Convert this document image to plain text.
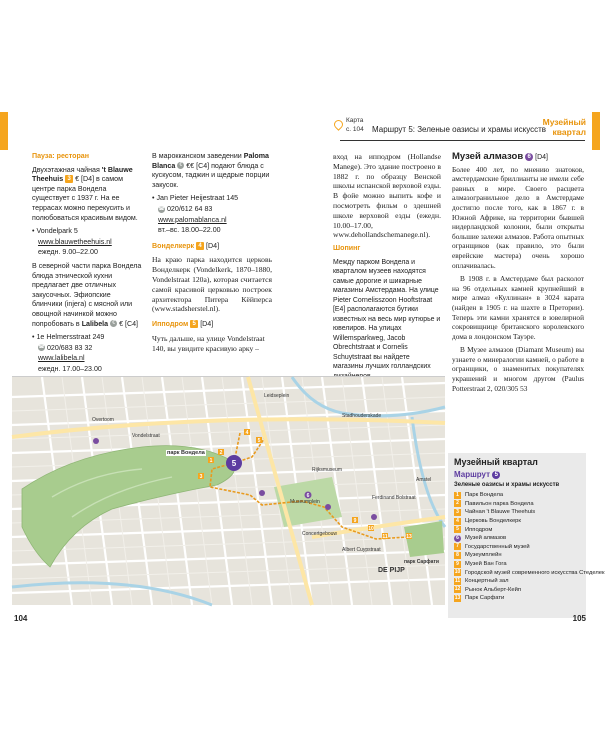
Карта
с. 104 Маршрут 5: Зеленые оазисы и храмы искусств
Музейный
квартал

Пауза: ресторан

Двухэтажная чайная 't Blauwe Theehuis 3 € [D4] в самом центре парка Вондела существует с 1937 г. На ее террасах можно перекусить и полюбоваться красивым видом.

• Vondelpark 5

www.blauwetheehuis.nl

ежедн. 9.00–22.00

В северной части парка Вондела блюда этнической кухни предлагает две отличных закусочных. Эфиопские блинчики (injera) с мясной или овощной начинкой можно попробовать в Lalibela € € [C4]

• 1e Helmersstraat 249

☎ 020/683 83 32

www.lalibela.nl

ежедн. 17.00–23.00

В марокканском заведении Paloma Blanca € €€ [C4] подают блюда с кускусом, таджин и щедрые порции закусок.

• Jan Pieter Heijestraat 145

☎ 020/612 64 83

www.palomablanca.nl

вт.–вс. 18.00–22.00

Вонделкерк 4 [D4]

На краю парка находится церковь Вонделкерк (Vondelkerk, 1870–1880, Vondelstraat 120a), которая считается самой красивой церковью построек архитектора Питера Кёйперса (www.stadsherstel.nl).

Ипподром 5 [D4]

Чуть дальше, на улице Vondelstraat 140, вы увидите красивую арку –

вход на ипподром (Hollandse Manege). Это здание построено в 1882 г. по образцу Венской школы испанской верховой езды. В фойе можно выпить кофе и посмотреть фильм о здешней школе верховой езды (ежедн. 10.00–17.00, www.dehollandschemanege.nl).

Шопинг

Между парком Вондела и кварталом музеев находятся самые дорогие и шикарные магазины Амстердама. На улице Pieter Cornelisszoon Hooftstraat [E4] располагаются бутики известных на весь мир кутюрье и ювелиров. На улицах Willemsparkweg, Jacob Obrechtstraat и Cornelis Schuytstraat вы найдете магазины лучших голландских

Музей алмазов 6 [D4]

Более 400 лет, по мнению знатоков, амстердамские бриллианты не имели себе равных в мире. Своего расцвета алмазогранильное дело в Амстердаме достигло после того, как в 1867 г. в Южной Африке, на территории бывшей нидерландской колонии, были открыты большие залежи алмазов. Работа опытных огранщиков (как правило, это были еврейские мастера) очень хорошо оплачивалась.

В 1908 г. в Амстердаме был расколот на 96 отдельных камней крупнейший в мире алмаз «Куллинан» в 3024 карата (найден в 1905 г. на шахте в Претории). Теперь эти камни хранятся в ювелирной сокровищнице британского королевского дома в лондонском Тауэре.

В Музее алмазов (Diamant Museum) вы узнаете о минералогии камней, о работе в огранщики, о знаменитых покупателях украшений и многом другом (Paulus Potterstraat 2, 020/305 53

5
1
2
3
4
5
6
9
10
11	13
парк Вондела
DE PIJP
парк Сарфати
Overtoom
Stadhouderskade
Museumplein
Rijksmuseum
Albert Cuypstraat
Ferdinand Bolstraat
Concertgebouw
Leidseplein
Vondelstraat
Amstel
Музейный квартал
Маршрут 5
Зеленые оазисы и храмы искусств
1	Парк Вондела
2	Павильон парка Вондела
3	Чайная 't Blauwe Theehuis
4	Церковь Вонделкерк
5	Ипподром
6	Музей алмазов
7	Государственный музей
8	Музеумплейн
9	Музей Ван Гога
10 Городской музей современного искусства Стеделек
11 Концертный зал
12 Рынок Альберт-Кейп
13 Парк Сарфати
104	105
